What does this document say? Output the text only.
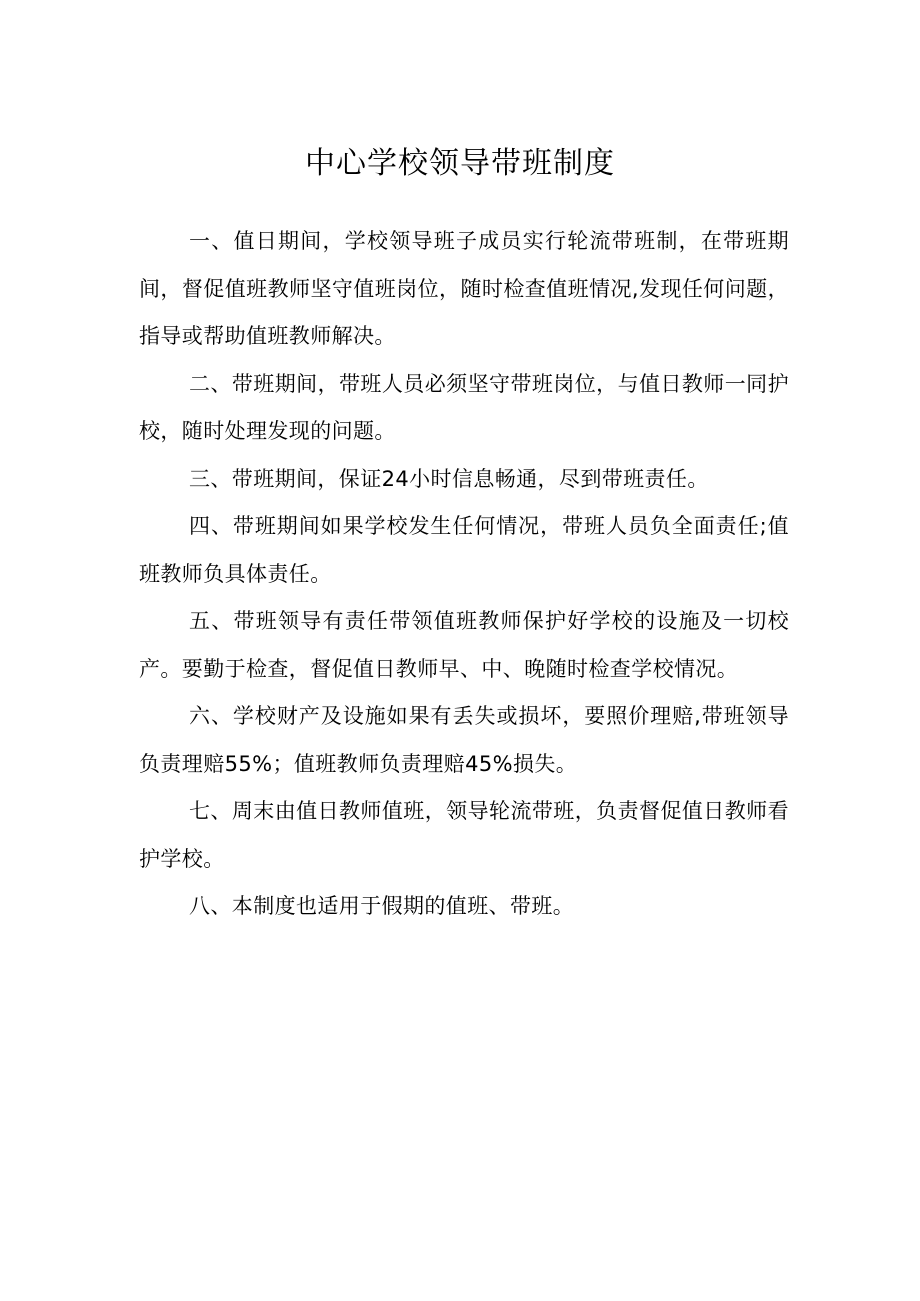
中心学校领导带班制度

一、值日期间，学校领导班子成员实行轮流带班制，在带班期间，督促值班教师坚守值班岗位，随时检查值班情况,发现任何问题，指导或帮助值班教师解决。

二、带班期间，带班人员必须坚守带班岗位，与值日教师一同护校，随时处理发现的问题。

三、带班期间，保证24小时信息畅通，尽到带班责任。

四、带班期间如果学校发生任何情况，带班人员负全面责任;值班教师负具体责任。

五、带班领导有责任带领值班教师保护好学校的设施及一切校产。要勤于检查，督促值日教师早、中、晚随时检查学校情况。

六、学校财产及设施如果有丢失或损坏，要照价理赔,带班领导负责理赔55%；值班教师负责理赔45%损失。

七、周末由值日教师值班，领导轮流带班，负责督促值日教师看护学校。

八、本制度也适用于假期的值班、带班。
